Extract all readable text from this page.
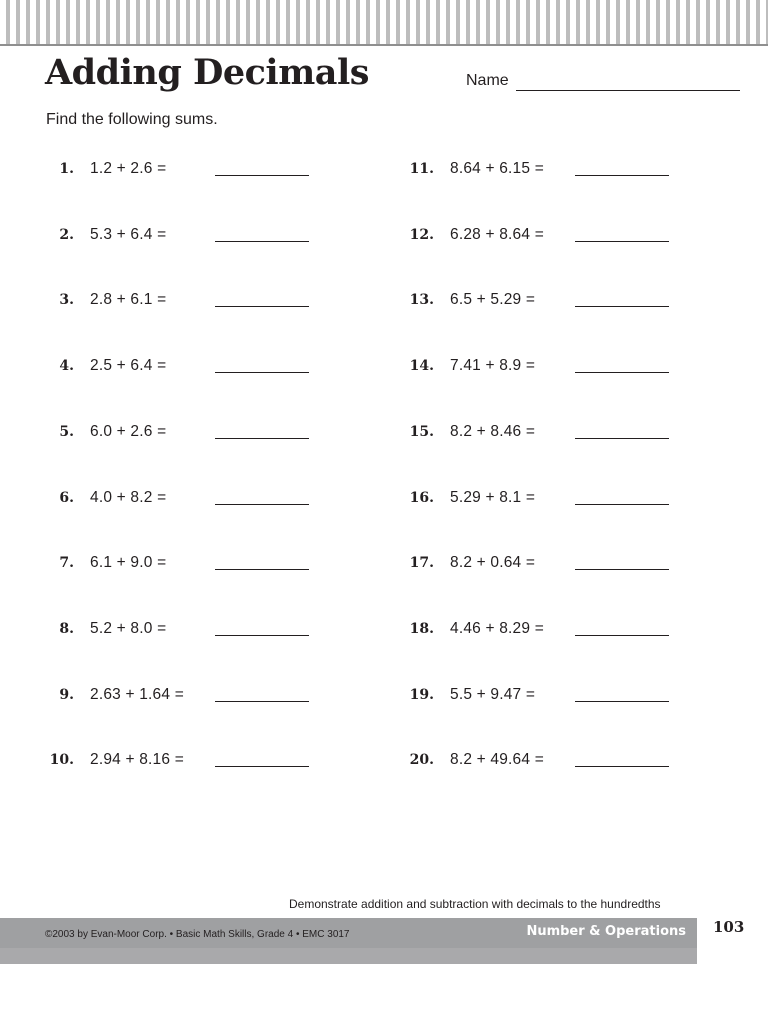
Adding Decimals	Name
Find the following sums.
1. 1.2 + 2.6 =
2. 5.3 + 6.4 =
3. 2.8 + 6.1 =
4. 2.5 + 6.4 =
5. 6.0 + 2.6 =
6. 4.0 + 8.2 =
7. 6.1 + 9.0 =
8. 5.2 + 8.0 =
9. 2.63 + 1.64 =
10. 2.94 + 8.16 =
11. 8.64 + 6.15 =
12. 6.28 + 8.64 =
13. 6.5 + 5.29 =
14. 7.41 + 8.9 =
15. 8.2 + 8.46 =
16. 5.29 + 8.1 =
17. 8.2 + 0.64 =
18. 4.46 + 8.29 =
19. 5.5 + 9.47 =
20. 8.2 + 49.64 =
Demonstrate addition and subtraction with decimals to the hundredths
©2003 by Evan-Moor Corp. • Basic Math Skills, Grade 4 • EMC 3017	Number & Operations 103
